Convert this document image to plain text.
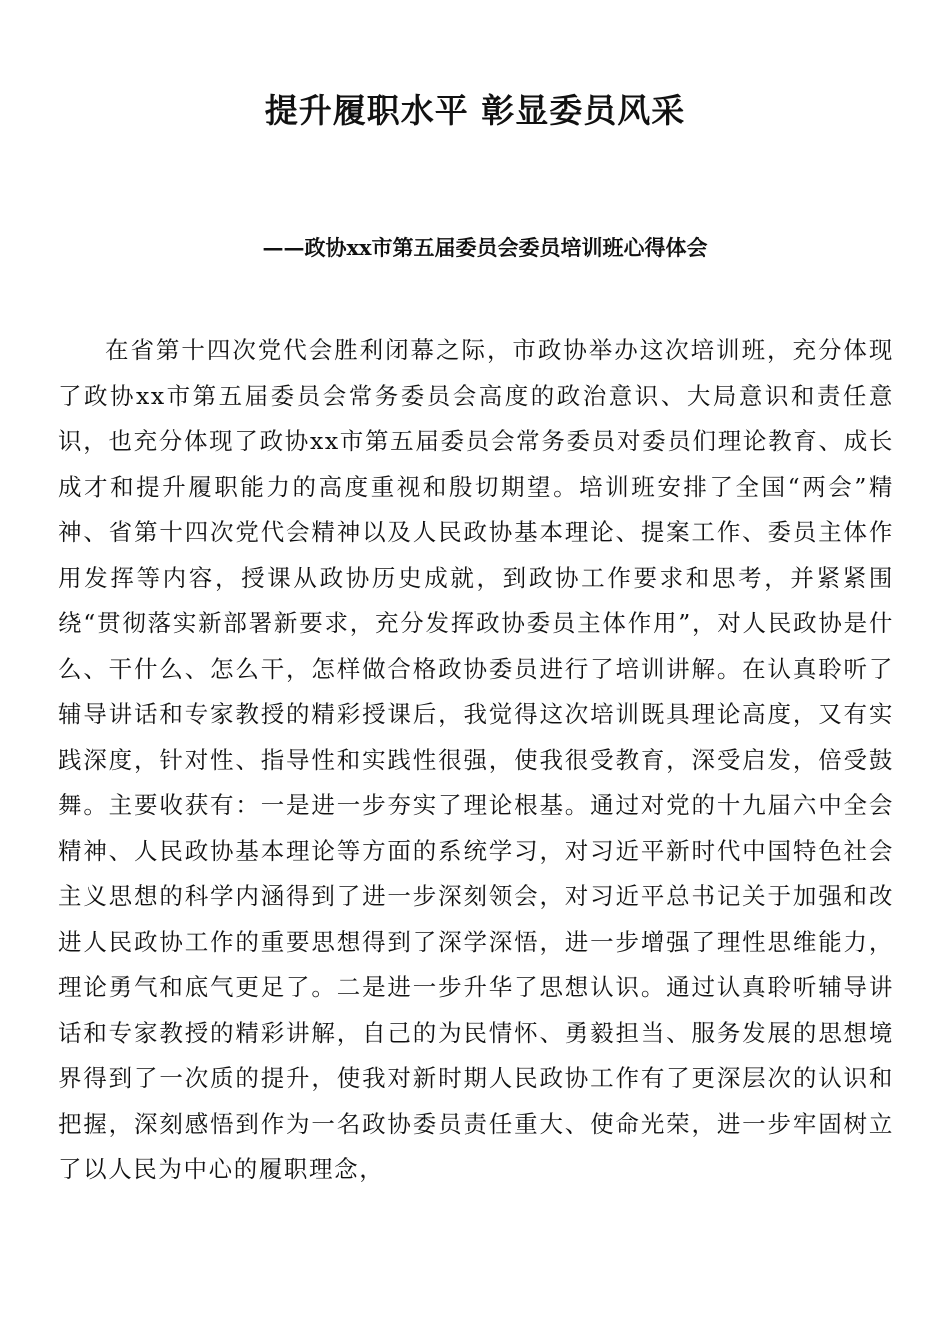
提升履职水平 彰显委员风采
——政协xx市第五届委员会委员培训班心得体会

在省第十四次党代会胜利闭幕之际，市政协举办这次培训班，充分体现了政协xx市第五届委员会常务委员会高度的政治意识、大局意识和责任意识，也充分体现了政协xx市第五届委员会常务委员对委员们理论教育、成长成才和提升履职能力的高度重视和殷切期望。培训班安排了全国“两会”精神、省第十四次党代会精神以及人民政协基本理论、提案工作、委员主体作用发挥等内容，授课从政协历史成就，到政协工作要求和思考，并紧紧围绕“贯彻落实新部署新要求，充分发挥政协委员主体作用”，对人民政协是什么、干什么、怎么干，怎样做合格政协委员进行了培训讲解。在认真聆听了辅导讲话和专家教授的精彩授课后，我觉得这次培训既具理论高度，又有实践深度，针对性、指导性和实践性很强，使我很受教育，深受启发，倍受鼓舞。主要收获有：一是进一步夯实了理论根基。通过对党的十九届六中全会精神、人民政协基本理论等方面的系统学习，对习近平新时代中国特色社会主义思想的科学内涵得到了进一步深刻领会，对习近平总书记关于加强和改进人民政协工作的重要思想得到了深学深悟，进一步增强了理性思维能力，理论勇气和底气更足了。二是进一步升华了思想认识。通过认真聆听辅导讲话和专家教授的精彩讲解，自己的为民情怀、勇毅担当、服务发展的思想境界得到了一次质的提升，使我对新时期人民政协工作有了更深层次的认识和把握，深刻感悟到作为一名政协委员责任重大、使命光荣，进一步牢固树立了以人民为中心的履职理念，
